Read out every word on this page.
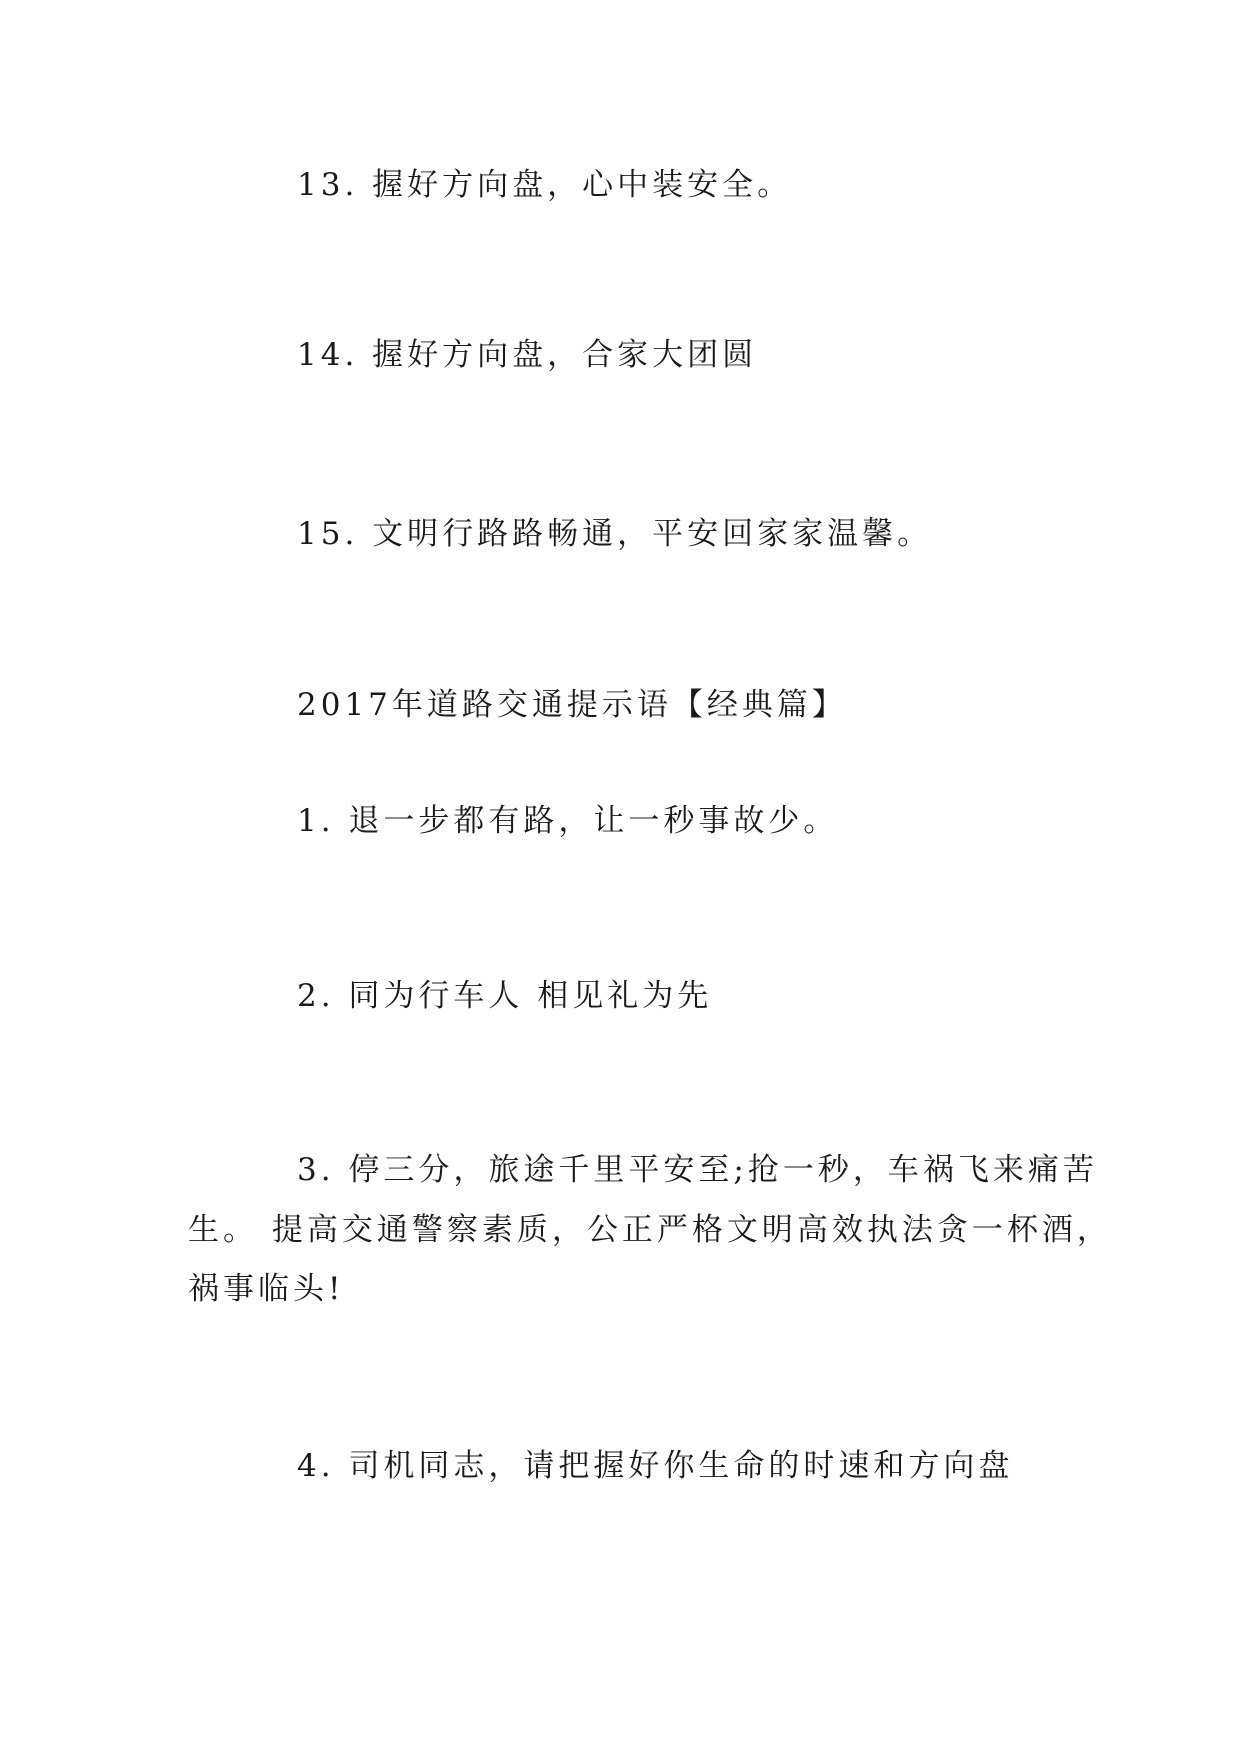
13. 握好方向盘，心中装安全。
14. 握好方向盘，合家大团圆
15. 文明行路路畅通，平安回家家温馨。
2017年道路交通提示语【经典篇】
1. 退一步都有路，让一秒事故少。
2. 同为行车人 相见礼为先
3. 停三分，旅途千里平安至;抢一秒，车祸飞来痛苦
生。 提高交通警察素质，公正严格文明高效执法贪一杯酒，
祸事临头!
4. 司机同志，请把握好你生命的时速和方向盘
